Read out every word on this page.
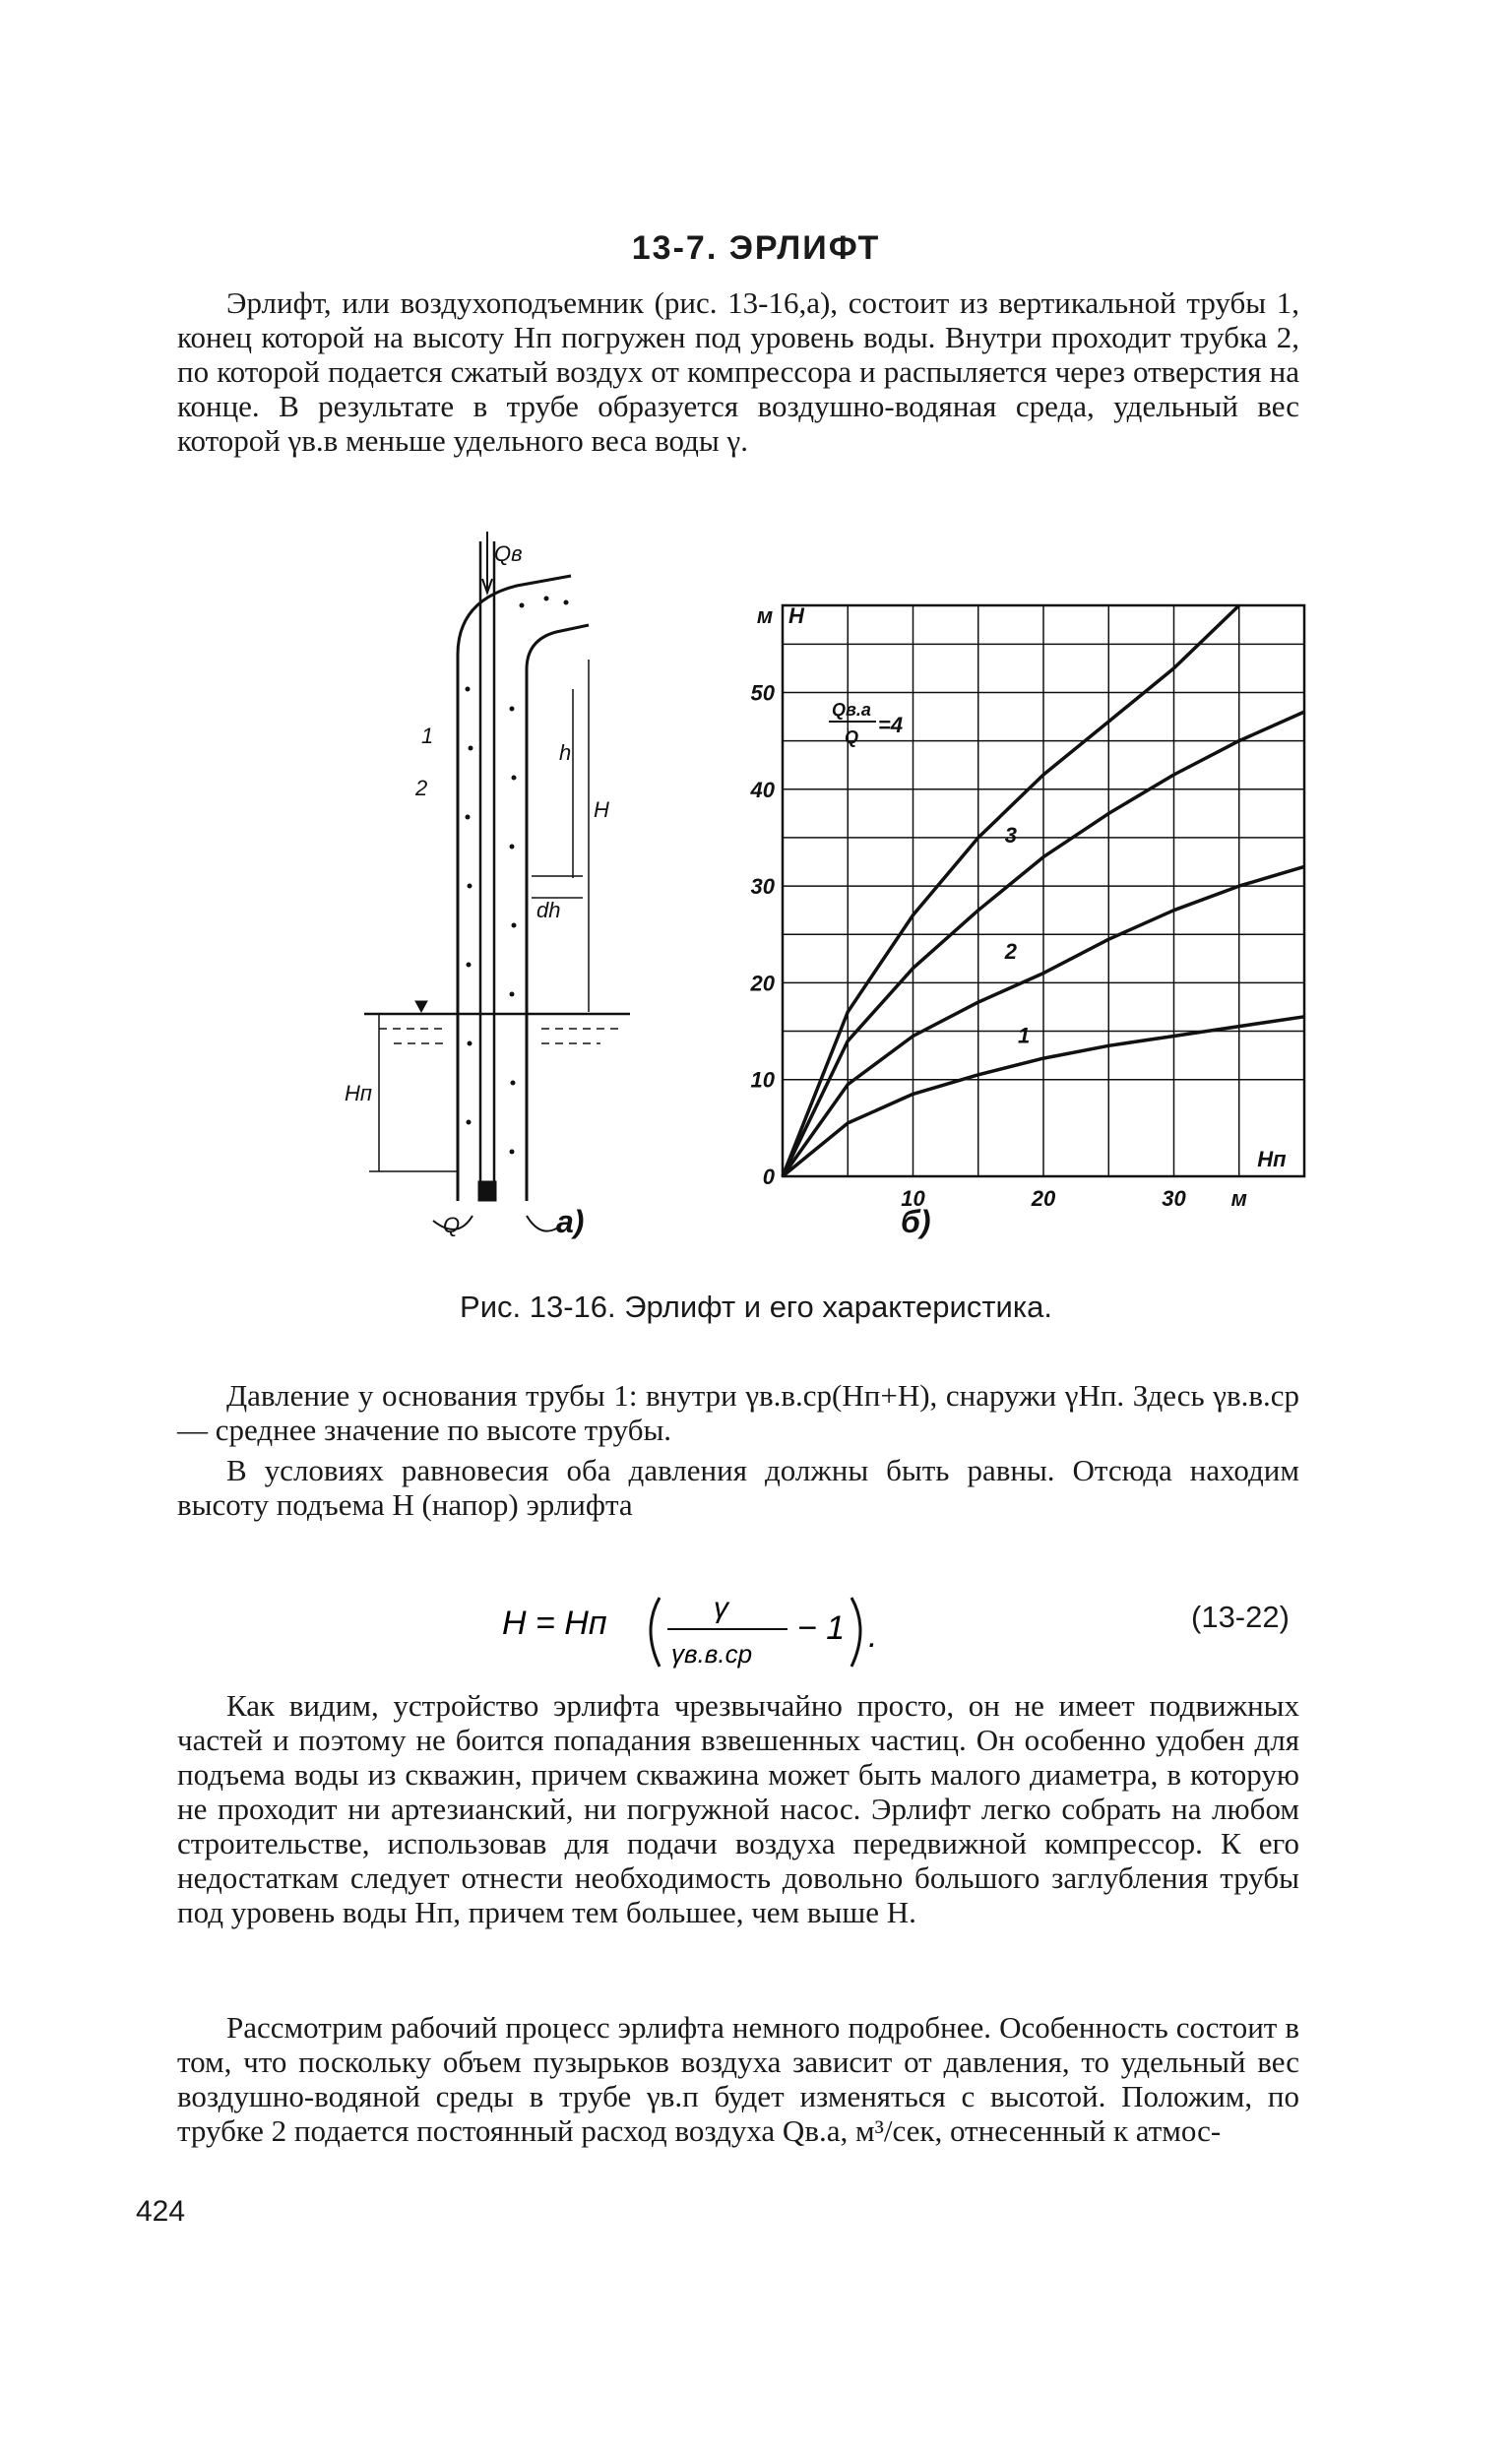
13-7. ЭРЛИФТ

Эрлифт, или воздухоподъемник (рис. 13-16,а), состоит из вертикальной трубы 1, конец которой на высоту Hп погружен под уровень воды. Внутри проходит трубка 2, по которой подается сжатый воздух от компрессора и распыляется через отверстия на конце. В результате в трубе образуется воздушно-водяная среда, удельный вес которой γв.в меньше удельного веса воды γ.

Qв
1
2
h
H
dh
Hп
Q	а)
10
20
30
40
50
10	20	30
0
м
м H
Hп
1
2
3
Qв.а
Q =4
б)
Рис. 13-16. Эрлифт и его характеристика.

Давление у основания трубы 1: внутри γв.в.ср(Hп+H), снаружи γHп. Здесь γв.в.ср — среднее значение по высоте трубы.

В условиях равновесия оба давления должны быть равны. Отсюда находим высоту подъема H (напор) эрлифта

H = Hп	γ
γв.в.ср
− 1 .
(13-22)

Как видим, устройство эрлифта чрезвычайно просто, он не имеет подвижных частей и поэтому не боится попадания взвешенных частиц. Он особенно удобен для подъема воды из скважин, причем скважина может быть малого диаметра, в которую не проходит ни артезианский, ни погружной насос. Эрлифт легко собрать на любом строительстве, использовав для подачи воздуха передвижной компрессор. К его недостаткам следует отнести необходимость довольно большого заглубления трубы под уровень воды Hп, причем тем большее, чем выше H.

Рассмотрим рабочий процесс эрлифта немного подробнее. Особенность состоит в том, что поскольку объем пузырьков воздуха зависит от давления, то удельный вес воздушно-водяной среды в трубе γв.п будет изменяться с высотой. Положим, по трубке 2 подается постоянный расход воздуха Qв.а, м³/сек, отнесенный к атмос-

424
